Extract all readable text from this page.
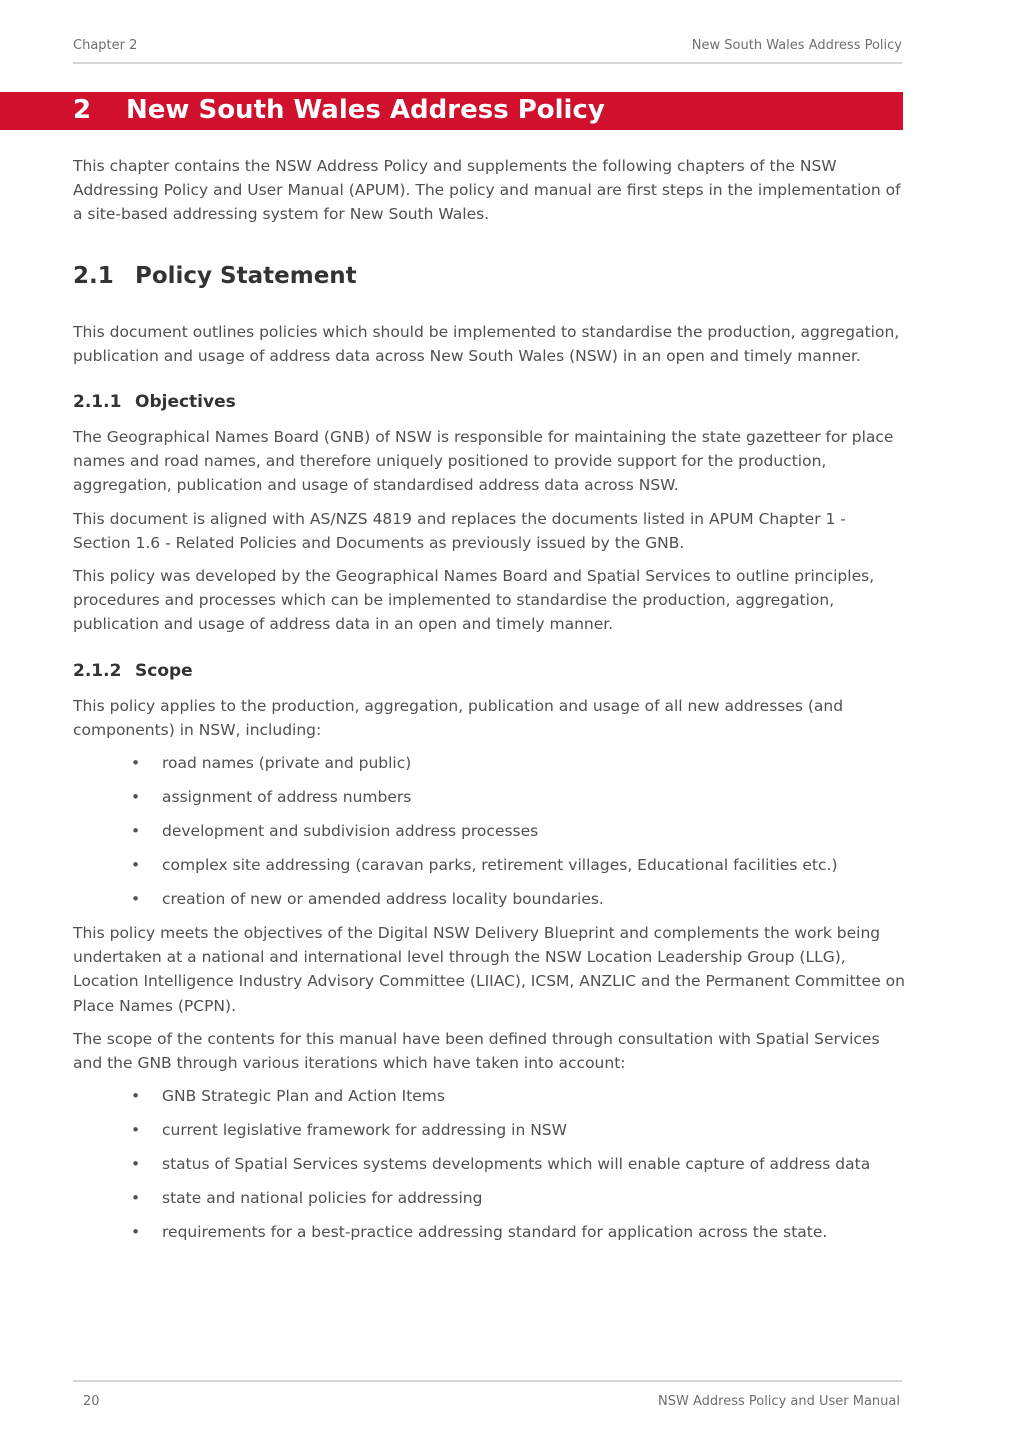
Chapter 2	New South Wales Address Policy
2 New South Wales Address Policy

This chapter contains the NSW Address Policy and supplements the following chapters of the NSW Addressing Policy and User Manual (APUM). The policy and manual are first steps in the implementation of a site-based addressing system for New South Wales.

2.1 Policy Statement

This document outlines policies which should be implemented to standardise the production, aggregation, publication and usage of address data across New South Wales (NSW) in an open and timely manner.

2.1.1 Objectives

The Geographical Names Board (GNB) of NSW is responsible for maintaining the state gazetteer for place names and road names, and therefore uniquely positioned to provide support for the production, aggregation, publication and usage of standardised address data across NSW.

This document is aligned with AS/NZS 4819 and replaces the documents listed in APUM Chapter 1 - Section 1.6 - Related Policies and Documents as previously issued by the GNB.

This policy was developed by the Geographical Names Board and Spatial Services to outline principles, procedures and processes which can be implemented to standardise the production, aggregation, publication and usage of address data in an open and timely manner.

2.1.2 Scope

This policy applies to the production, aggregation, publication and usage of all new addresses (and components) in NSW, including:

• road names (private and public)
• assignment of address numbers
• development and subdivision address processes
• complex site addressing (caravan parks, retirement villages, Educational facilities etc.)
• creation of new or amended address locality boundaries.

This policy meets the objectives of the Digital NSW Delivery Blueprint and complements the work being undertaken at a national and international level through the NSW Location Leadership Group (LLG), Location Intelligence Industry Advisory Committee (LIIAC), ICSM, ANZLIC and the Permanent Committee on Place Names (PCPN).

The scope of the contents for this manual have been defined through consultation with Spatial Services and the GNB through various iterations which have taken into account:

• GNB Strategic Plan and Action Items
• current legislative framework for addressing in NSW
• status of Spatial Services systems developments which will enable capture of address data
• state and national policies for addressing
• requirements for a best-practice addressing standard for application across the state.
20	NSW Address Policy and User Manual
